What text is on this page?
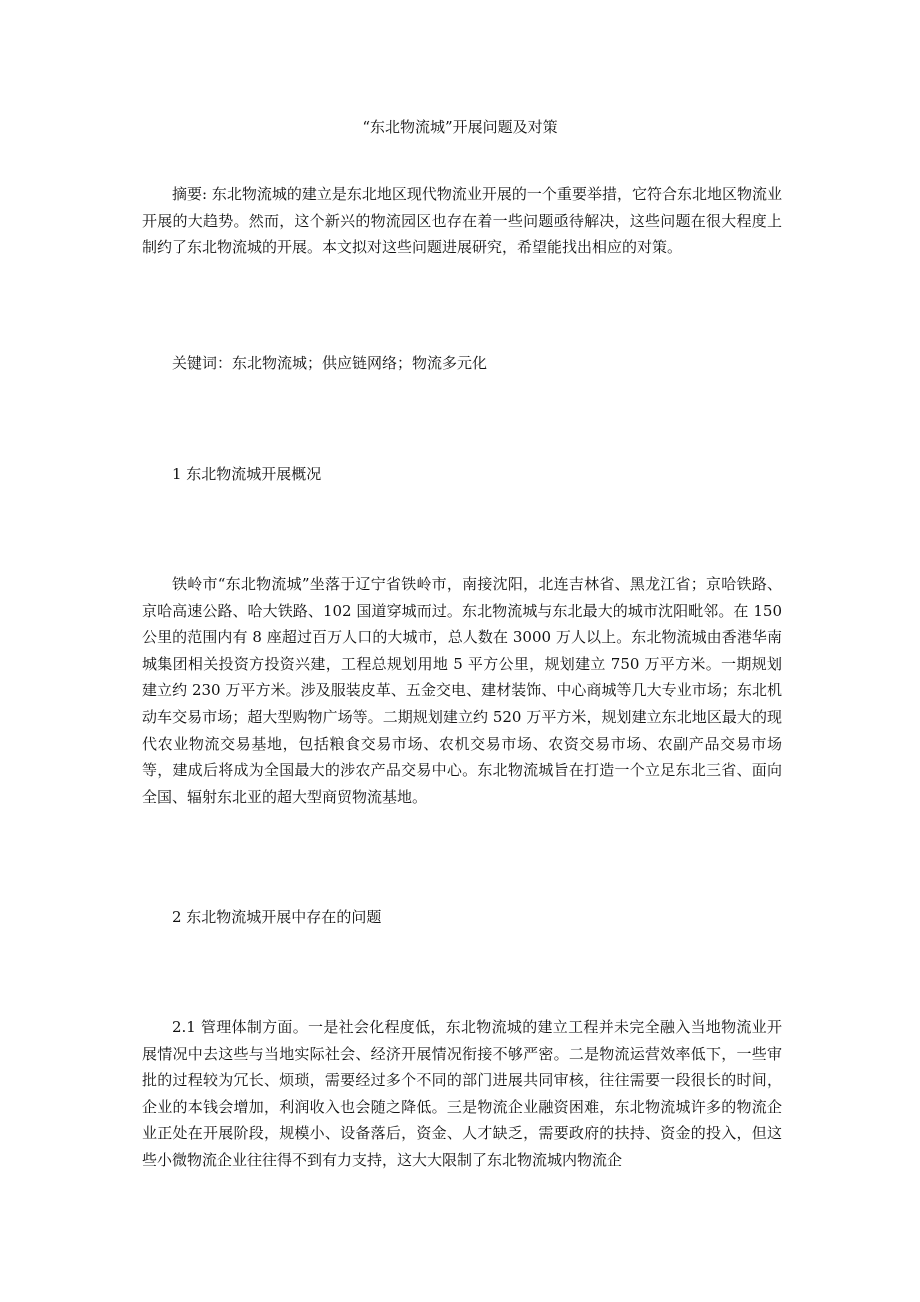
“东北物流城”开展问题及对策

摘要: 东北物流城的建立是东北地区现代物流业开展的一个重要举措，它符合东北地区物流业开展的大趋势。然而，这个新兴的物流园区也存在着一些问题亟待解决，这些问题在很大程度上制约了东北物流城的开展。本文拟对这些问题进展研究，希望能找出相应的对策。

关键词：东北物流城；供应链网络；物流多元化

1 东北物流城开展概况

铁岭市“东北物流城”坐落于辽宁省铁岭市，南接沈阳，北连吉林省、黑龙江省；京哈铁路、京哈高速公路、哈大铁路、102 国道穿城而过。东北物流城与东北最大的城市沈阳毗邻。在 150 公里的范围内有 8 座超过百万人口的大城市，总人数在 3000 万人以上。东北物流城由香港华南城集团相关投资方投资兴建，工程总规划用地 5 平方公里，规划建立 750 万平方米。一期规划建立约 230 万平方米。涉及服装皮革、五金交电、建材装饰、中心商城等几大专业市场；东北机动车交易市场；超大型购物广场等。二期规划建立约 520 万平方米，规划建立东北地区最大的现代农业物流交易基地，包括粮食交易市场、农机交易市场、农资交易市场、农副产品交易市场等，建成后将成为全国最大的涉农产品交易中心。东北物流城旨在打造一个立足东北三省、面向全国、辐射东北亚的超大型商贸物流基地。

2 东北物流城开展中存在的问题

2.1 管理体制方面。一是社会化程度低，东北物流城的建立工程并未完全融入当地物流业开展情况中去这些与当地实际社会、经济开展情况衔接不够严密。二是物流运营效率低下，一些审批的过程较为冗长、烦琐，需要经过多个不同的部门进展共同审核，往往需要一段很长的时间，企业的本钱会增加，利润收入也会随之降低。三是物流企业融资困难，东北物流城许多的物流企业正处在开展阶段，规模小、设备落后，资金、人才缺乏，需要政府的扶持、资金的投入，但这些小微物流企业往往得不到有力支持，这大大限制了东北物流城内物流企
